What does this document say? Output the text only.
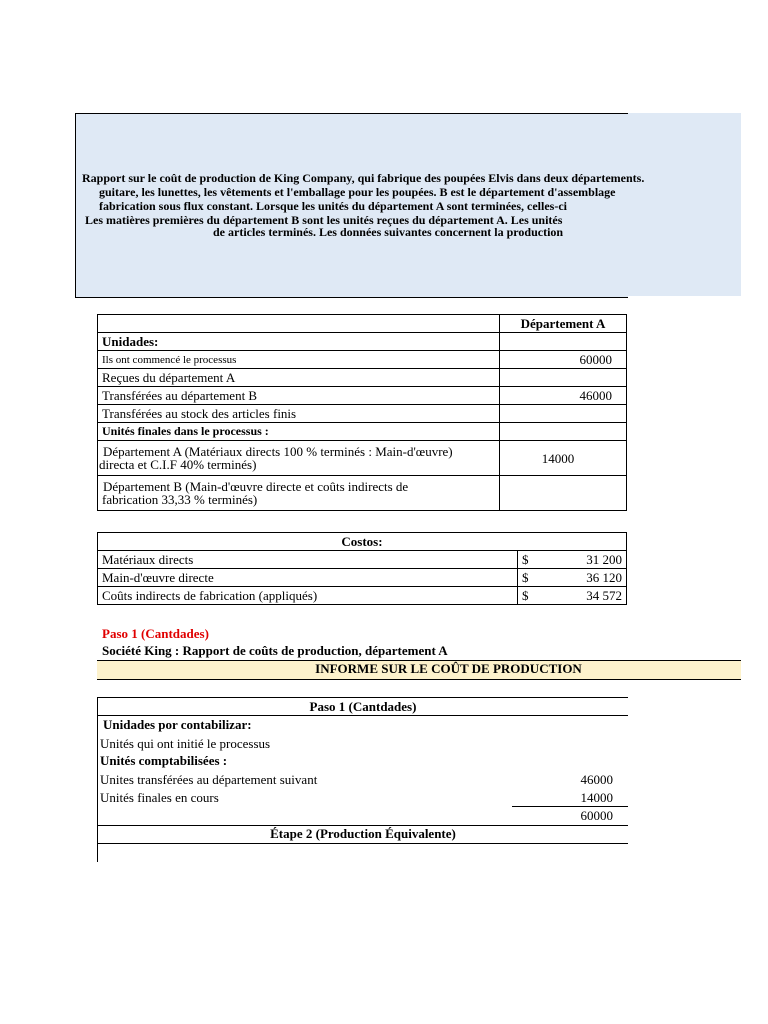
Rapport sur le coût de production de King Company, qui fabrique des poupées Elvis dans deux départements.
guitare, les lunettes, les vêtements et l'emballage pour les poupées. B est le département d'assemblage
fabrication sous flux constant. Lorsque les unités du département A sont terminées, celles-ci
Les matières premières du département B sont les unités reçues du département A. Les unités
de articles terminés. Les données suivantes concernent la production
	Département A
Unidades:	
Ils ont commencé le processus	60000
Reçues du département A	
Transférées au département B	46000
Transférées au stock des articles finis	
Unités finales dans le processus :	

Département A (Matériaux directs 100 % terminés : Main-d'œuvre)
directa et C.I.F 40% terminés)	14000

Département B (Main-d'œuvre directe et coûts indirects de
fabrication 33,33 % terminés)	

Costos:		
Matériaux directs	$	31 200
Main-d'œuvre directe	$	36 120
Coûts indirects de fabrication (appliqués)	$	34 572
Paso 1 (Cantdades)
Société King : Rapport de coûts de production, département A
INFORME SUR LE COÛT DE PRODUCTION
Paso 1 (Cantdades)
Unidades por contabilizar:
Unités qui ont initié le processus
Unités comptabilisées :
Unites transférées au département suivant	46000
Unités finales en cours	14000
60000
Étape 2 (Production Équivalente)
